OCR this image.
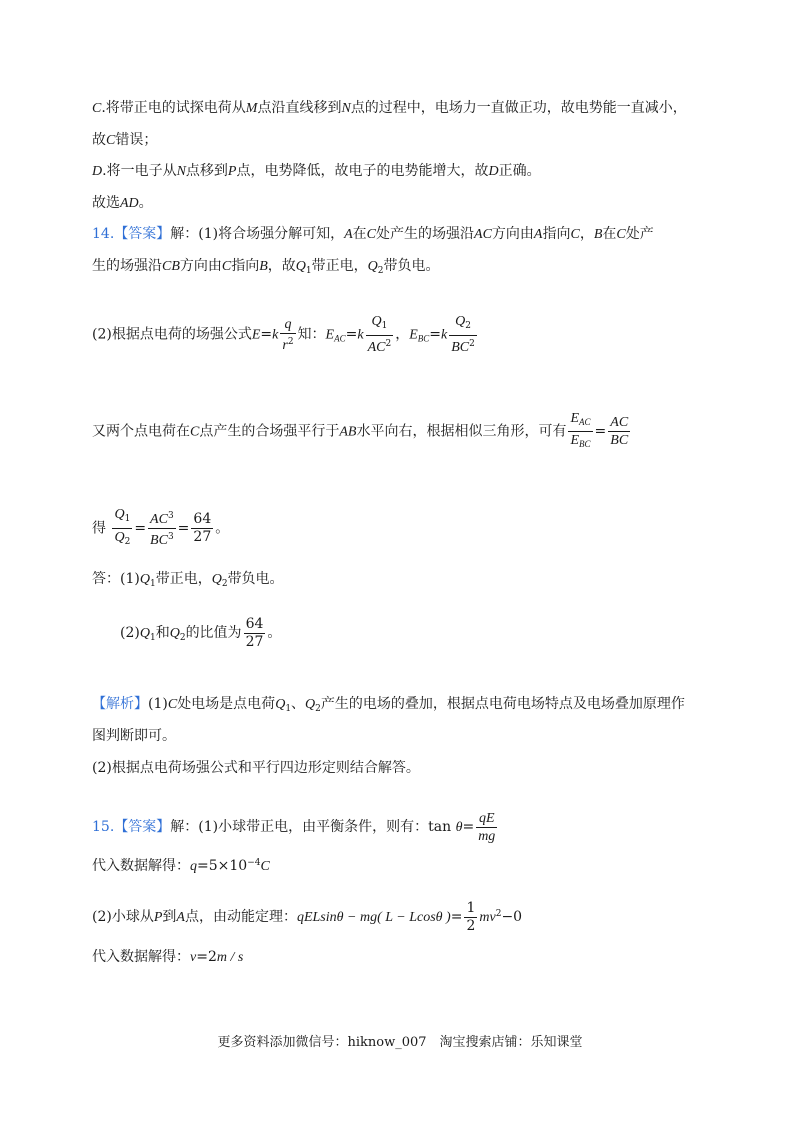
C.将带正电的试探电荷从M点沿直线移到N点的过程中，电场力一直做正功，故电势能一直减小，
故C错误；
D.将一电子从N点移到P点，电势降低，故电子的电势能增大，故D正确。
故选AD。
14.【答案】解：(1)将合场强分解可知，A在C处产生的场强沿AC方向由A指向C，B在C处产
生的场强沿CB方向由C指向B，故$Q_1$带正电，$Q_2$带负电。
(2)根据点电荷的场强公式$E=k \frac{q}{r^2}$ 知：$E_{AC}=k \frac{Q_1}{AC^2}$ ，$E_{BC}=k \frac{Q_2}{BC^2}$
又两个点电荷在C点产生的合场强平行于AB水平向右，根据相似三角形，可有 $\frac{E_{AC}}{E_{BC}} = \frac{AC}{BC}$
得 $\frac{Q_1}{Q_2} = \frac{AC^3}{BC^3} = \frac{64}{27}$ 。
答：$(1)Q_1$带正电，$Q_2$带负电。
$(2)Q_1$和$Q_2$的比值为 $\frac{64}{27}$ 。
【解析】(1)C处电场是点电荷$Q_1$、$Q_2$产生的电场的叠加，根据点电荷电场特点及电场叠加原理作
图判断即可。
(2)根据点电荷场强公式和平行四边形定则结合解答。
15.【答案】解：(1)小球带正电，由平衡条件，则有：$\tan \theta= \frac{qE}{mg}$
代入数据解得：$q=5\times 10^{-4}C$
(2)小球从P到A点，由动能定理：qELsinθ − mg( L − Lcosθ )= $\frac{1}{2} mv^2-0$
代入数据解得：v=2m / s
更多资料添加微信号：hiknow_007　淘宝搜索店铺：乐知课堂
